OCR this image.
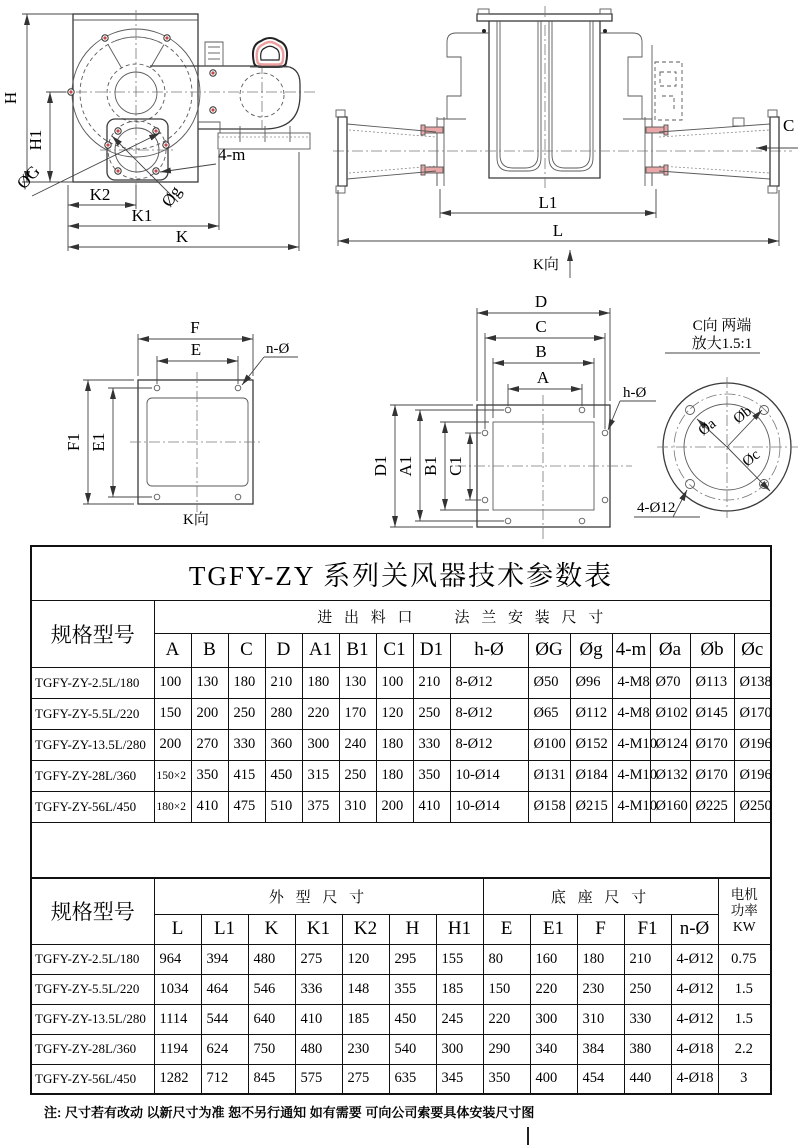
H
H1
ØG
Øg
4-m
K2
K1
K
C
L1
L
K向
F
E
F1 E1
n-Ø
K向
D
C
B
A
D1 A1 B1 C1
h-Ø
C向 两端
放大1.5:1
Øa
Øb
Øc
4-Ø12
TGFY-ZY 系列关风器技术参数表															
规格型号	进 出 料 口　　法 兰 安 装 尺 寸														
	A	B	C	D	A1	B1	C1	D1	h-Ø	ØG	Øg	4-m	Øa	Øb	Øc
TGFY-ZY-2.5L/180	100	130	180	210	180	130	100	210	8-Ø12	Ø50	Ø96	4-M8	Ø70	Ø113	Ø138
TGFY-ZY-5.5L/220	150	200	250	280	220	170	120	250	8-Ø12	Ø65	Ø112	4-M8	Ø102	Ø145	Ø170
TGFY-ZY-13.5L/280	200	270	330	360	300	240	180	330	8-Ø12	Ø100	Ø152	4-M10	Ø124	Ø170	Ø196
TGFY-ZY-28L/360	150×2	350	415	450	315	250	180	350	10-Ø14	Ø131	Ø184	4-M10	Ø132	Ø170	Ø196
TGFY-ZY-56L/450	180×2	410	475	510	375	310	200	410	10-Ø14	Ø158	Ø215	4-M10	Ø160	Ø225	Ø250

规格型号	外 型 尺 寸							底 座 尺 寸					电机
功率
KW

	L	L1	K	K1	K2	H	H1	E	E1	F	F1	n-Ø	
TGFY-ZY-2.5L/180	964	394	480	275	120	295	155	80	160	180	210	4-Ø12	0.75
TGFY-ZY-5.5L/220	1034	464	546	336	148	355	185	150	220	230	250	4-Ø12	1.5
TGFY-ZY-13.5L/280	1114	544	640	410	185	450	245	220	300	310	330	4-Ø12	1.5
TGFY-ZY-28L/360	1194	624	750	480	230	540	300	290	340	384	380	4-Ø18	2.2
TGFY-ZY-56L/450	1282	712	845	575	275	635	345	350	400	454	440	4-Ø18	3
注: 尺寸若有改动 以新尺寸为准 恕不另行通知 如有需要 可向公司索要具体安装尺寸图
